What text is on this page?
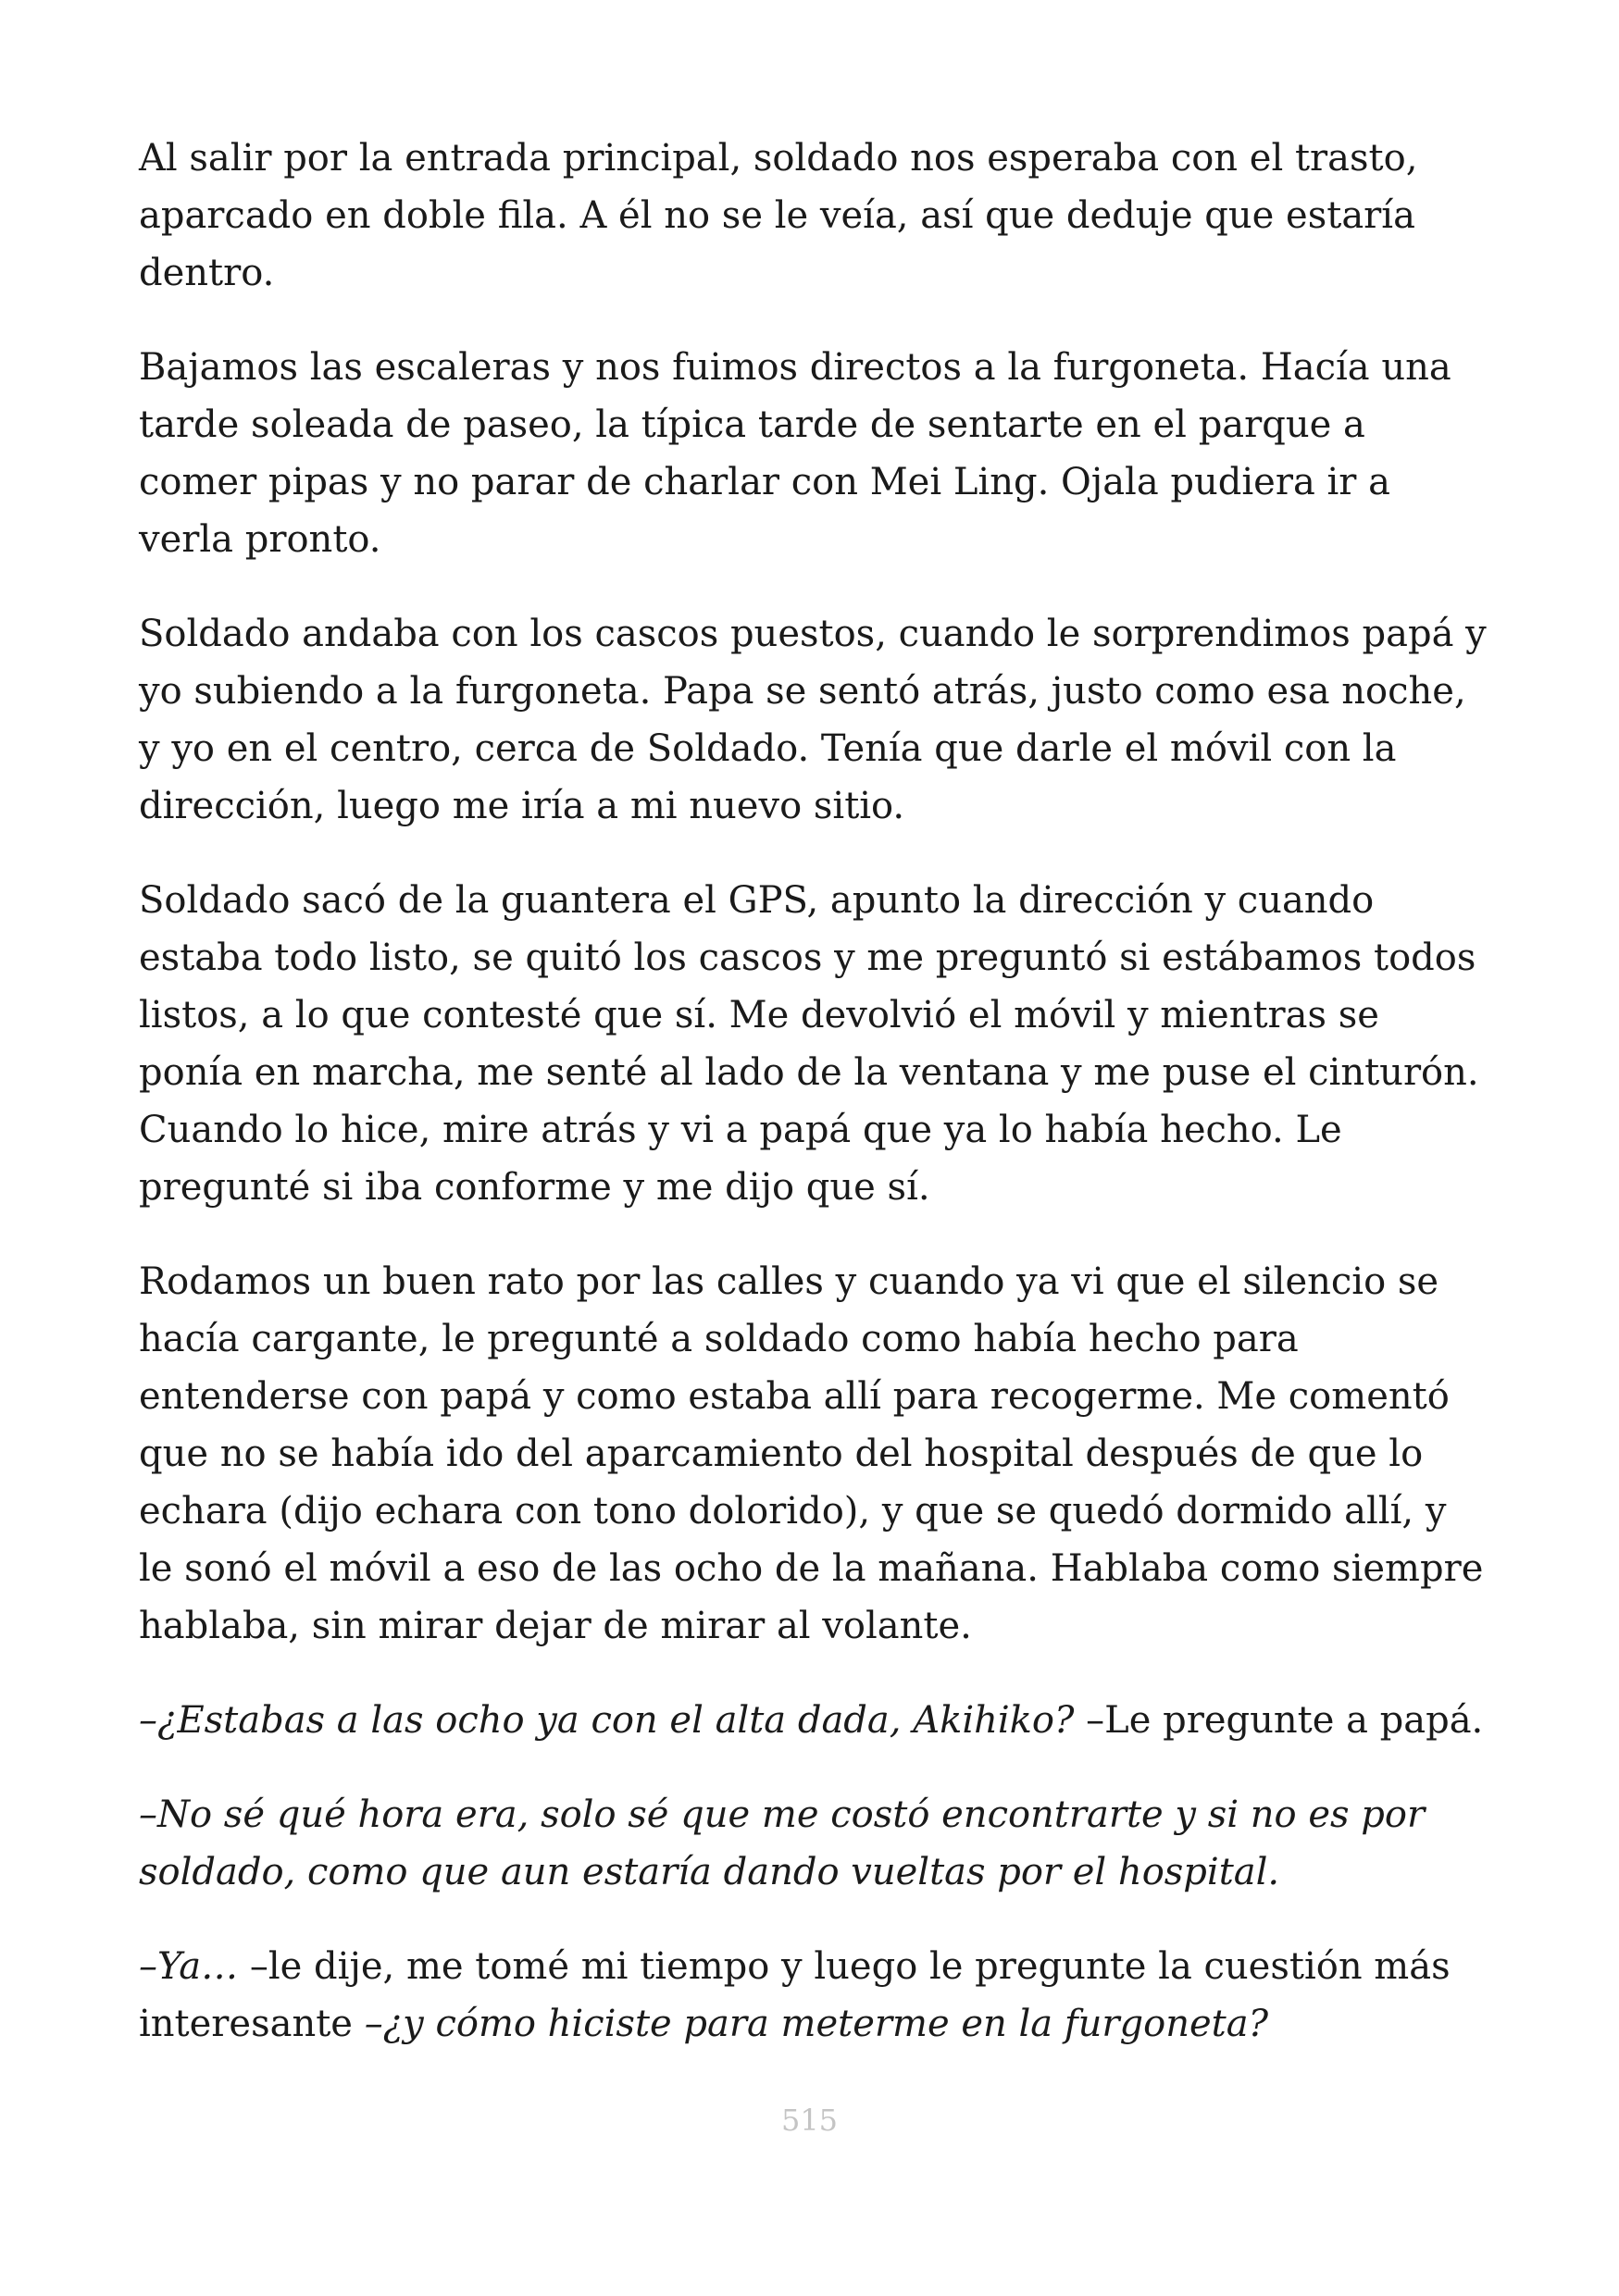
Al salir por la entrada principal, soldado nos esperaba con el trasto, aparcado en doble fila. A él no se le veía, así que deduje que estaría dentro.

Bajamos las escaleras y nos fuimos directos a la furgoneta. Hacía una tarde soleada de paseo, la típica tarde de sentarte en el parque a comer pipas y no parar de charlar con Mei Ling. Ojala pudiera ir a verla pronto.

Soldado andaba con los cascos puestos, cuando le sorprendimos papá y yo subiendo a la furgoneta. Papa se sentó atrás, justo como esa noche, y yo en el centro, cerca de Soldado. Tenía que darle el móvil con la dirección, luego me iría a mi nuevo sitio.

Soldado sacó de la guantera el GPS, apunto la dirección y cuando estaba todo listo, se quitó los cascos y me preguntó si estábamos todos listos, a lo que contesté que sí. Me devolvió el móvil y mientras se ponía en marcha, me senté al lado de la ventana y me puse el cinturón. Cuando lo hice, mire atrás y vi a papá que ya lo había hecho. Le pregunté si iba conforme y me dijo que sí.

Rodamos un buen rato por las calles y cuando ya vi que el silencio se hacía cargante, le pregunté a soldado como había hecho para entenderse con papá y como estaba allí para recogerme. Me comentó que no se había ido del aparcamiento del hospital después de que lo echara (dijo echara con tono dolorido), y que se quedó dormido allí, y le sonó el móvil a eso de las ocho de la mañana. Hablaba como siempre hablaba, sin mirar dejar de mirar al volante.

–¿Estabas a las ocho ya con el alta dada, Akihiko? –Le pregunte a papá.

–No sé qué hora era, solo sé que me costó encontrarte y si no es por soldado, como que aun estaría dando vueltas por el hospital.

–Ya… –le dije, me tomé mi tiempo y luego le pregunte la cuestión más interesante –¿y cómo hiciste para meterme en la furgoneta?

515
